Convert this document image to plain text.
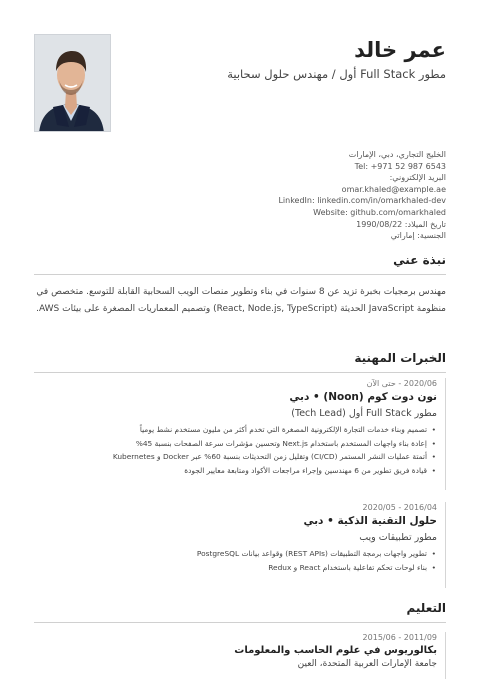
عمر خالد
مطور Full Stack أول / مهندس حلول سحابية
الخليج التجاري، دبي، الإمارات
Tel: +971 52 987 6543
البريد الإلكتروني:
omar.khaled@example.ae
LinkedIn: linkedin.com/in/omarkhaled-dev
Website: github.com/omarkhaled
تاريخ الميلاد: 1990/08/22
الجنسية: إماراتي
نبذة عني
مهندس برمجيات بخبرة تزيد عن 8 سنوات في بناء وتطوير منصات الويب السحابية القابلة للتوسع. متخصص في منظومة JavaScript الحديثة (React, Node.js, TypeScript) وتصميم المعماريات المصغرة على بيئات AWS.
الخبرات المهنية
2020/06 - حتى الآن
نون دوت كوم (Noon) • دبي
مطور Full Stack أول (Tech Lead)
• تصميم وبناء خدمات التجارة الإلكترونية المصغرة التي تخدم أكثر من مليون مستخدم نشط يومياً
• إعادة بناء واجهات المستخدم باستخدام Next.js وتحسين مؤشرات سرعة الصفحات بنسبة 45%
• أتمتة عمليات النشر المستمر (CI/CD) وتقليل زمن التحديثات بنسبة 60% عبر Docker و Kubernetes
• قيادة فريق تطوير من 6 مهندسين وإجراء مراجعات الأكواد ومتابعة معايير الجودة
2016/04 - 2020/05
حلول التقنية الذكية • دبي
مطور تطبيقات ويب
• تطوير واجهات برمجة التطبيقات (REST APIs) وقواعد بيانات PostgreSQL
• بناء لوحات تحكم تفاعلية باستخدام React و Redux
التعليم
2011/09 - 2015/06
بكالوريوس في علوم الحاسب والمعلومات
جامعة الإمارات العربية المتحدة، العين
